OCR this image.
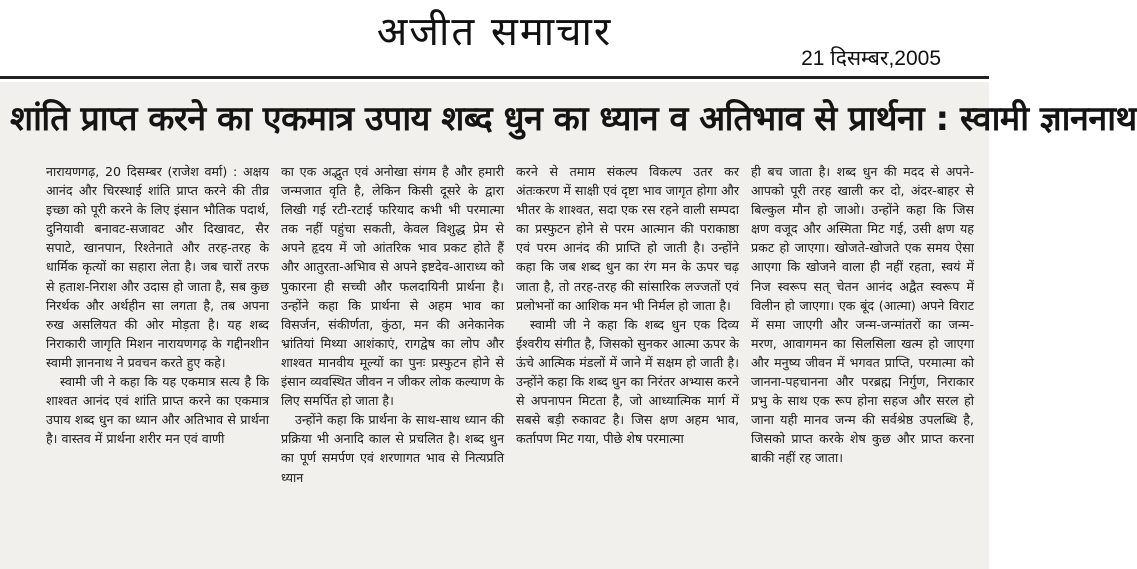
अजीत समाचार
21 दिसम्बर,2005
शांति प्राप्त करने का एकमात्र उपाय शब्द धुन का ध्यान व अतिभाव से प्रार्थना : स्वामी ज्ञाननाथ

नारायणगढ़, 20 दिसम्बर (राजेश वर्मा) : अक्षय आनंद और चिरस्थाई शांति प्राप्त करने की तीव्र इच्छा को पूरी करने के लिए इंसान भौतिक पदार्थ, दुनियावी बनावट-सजावट और दिखावट, सैर सपाटे, खानपान, रिश्तेनाते और तरह-तरह के धार्मिक कृत्यों का सहारा लेता है। जब चारों तरफ से हताश-निराश और उदास हो जाता है, सब कुछ निरर्थक और अर्थहीन सा लगता है, तब अपना रुख असलियत की ओर मोड़ता है। यह शब्द निराकारी जागृति मिशन नारायणगढ़ के गद्दीनशीन स्वामी ज्ञाननाथ ने प्रवचन करते हुए कहे।

स्वामी जी ने कहा कि यह एकमात्र सत्य है कि शाश्वत आनंद एवं शांति प्राप्त करने का एकमात्र उपाय शब्द धुन का ध्यान और अतिभाव से प्रार्थना है। वास्तव में प्रार्थना शरीर मन एवं वाणी

का एक अद्भुत एवं अनोखा संगम है और हमारी जन्मजात वृति है, लेकिन किसी दूसरे के द्वारा लिखी गई रटी-रटाई फरियाद कभी भी परमात्मा तक नहीं पहुंचा सकती, केवल विशुद्ध प्रेम से अपने हृदय में जो आंतरिक भाव प्रकट होते हैं और आतुरता-अभिाव से अपने इष्टदेव-आराध्य को पुकारना ही सच्ची और फलदायिनी प्रार्थना है। उन्होंने कहा कि प्रार्थना से अहम भाव का विसर्जन, संकीर्णता, कुंठा, मन की अनेकानेक भ्रांतियां मिथ्या आशंकाएं, रागद्वेष का लोप और शाश्वत मानवीय मूल्यों का पुनः प्रस्फुटन होने से इंसान व्यवस्थित जीवन न जीकर लोक कल्याण के लिए समर्पित हो जाता है।

उन्होंने कहा कि प्रार्थना के साथ-साथ ध्यान की प्रक्रिया भी अनादि काल से प्रचलित है। शब्द धुन का पूर्ण समर्पण एवं शरणागत भाव से नित्यप्रति ध्यान

करने से तमाम संकल्प विकल्प उतर कर अंतःकरण में साक्षी एवं दृष्टा भाव जागृत होगा और भीतर के शाश्वत, सदा एक रस रहने वाली सम्पदा का प्रस्फुटन होने से परम आत्मान की पराकाष्ठा एवं परम आनंद की प्राप्ति हो जाती है। उन्होंने कहा कि जब शब्द धुन का रंग मन के ऊपर चढ़ जाता है, तो तरह-तरह की सांसारिक लज्जतों एवं प्रलोभनों का आशिक मन भी निर्मल हो जाता है।

स्वामी जी ने कहा कि शब्द धुन एक दिव्य ईश्वरीय संगीत है, जिसको सुनकर आत्मा ऊपर के ऊंचे आत्मिक मंडलों में जाने में सक्षम हो जाती है। उन्होंने कहा कि शब्द धुन का निरंतर अभ्यास करने से अपनापन मिटता है, जो आध्यात्मिक मार्ग में सबसे बड़ी रुकावट है। जिस क्षण अहम भाव, कर्तापण मिट गया, पीछे शेष परमात्मा

ही बच जाता है। शब्द धुन की मदद से अपने-आपको पूरी तरह खाली कर दो, अंदर-बाहर से बिल्कुल मौन हो जाओ। उन्होंने कहा कि जिस क्षण वजूद और अस्मिता मिट गई, उसी क्षण यह प्रकट हो जाएगा। खोजते-खोजते एक समय ऐसा आएगा कि खोजने वाला ही नहीं रहता, स्वयं में निज स्वरूप सत् चेतन आनंद अद्वैत स्वरूप में विलीन हो जाएगा। एक बूंद (आत्मा) अपने विराट में समा जाएगी और जन्म-जन्मांतरों का जन्म-मरण, आवागमन का सिलसिला खत्म हो जाएगा और मनुष्य जीवन में भगवत प्राप्ति, परमात्मा को जानना-पहचानना और परब्रह्म निर्गुण, निराकार प्रभु के साथ एक रूप होना सहज और सरल हो जाना यही मानव जन्म की सर्वश्रेष्ठ उपलब्धि है, जिसको प्राप्त करके शेष कुछ और प्राप्त करना बाकी नहीं रह जाता।
